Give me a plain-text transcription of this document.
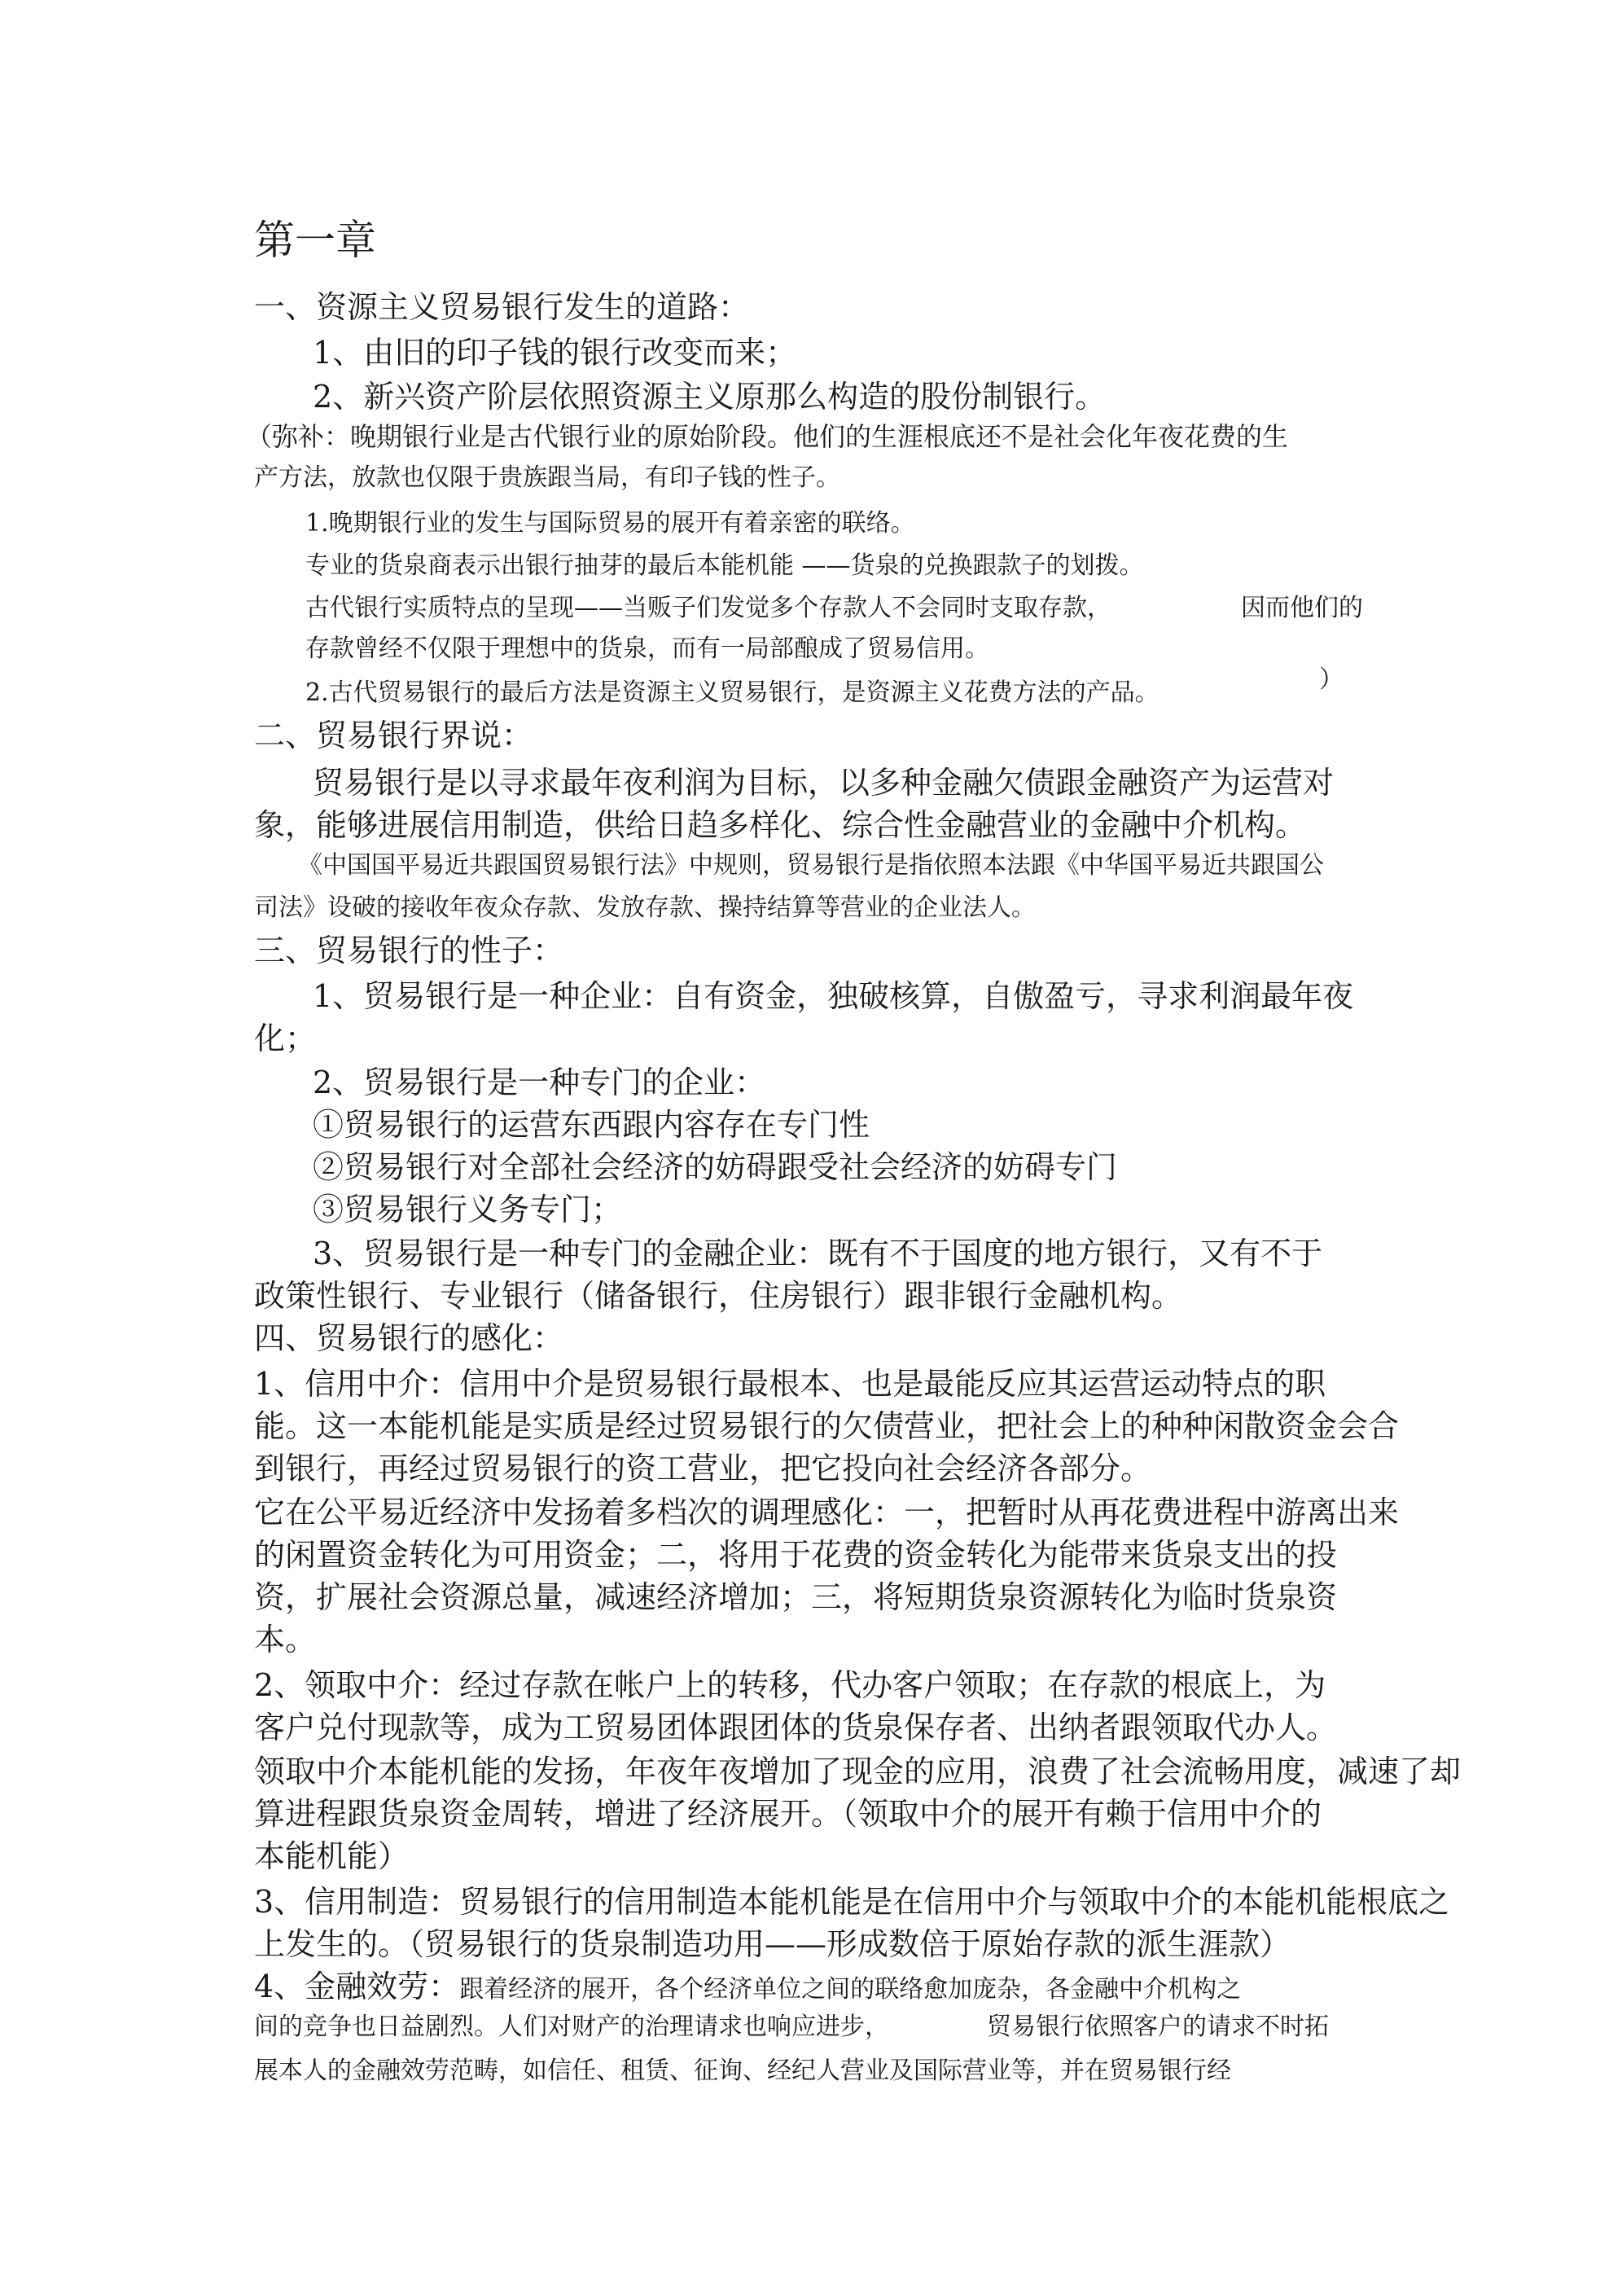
第一章
一、资源主义贸易银行发生的道路：
1、由旧的印子钱的银行改变而来；
2、新兴资产阶层依照资源主义原那么构造的股份制银行。
（弥补：晚期银行业是古代银行业的原始阶段。他们的生涯根底还不是社会化年夜花费的生
产方法，放款也仅限于贵族跟当局，有印子钱的性子。
1.晚期银行业的发生与国际贸易的展开有着亲密的联络。
专业的货泉商表示出银行抽芽的最后本能机能 ——货泉的兑换跟款子的划拨。
古代银行实质特点的呈现——当贩子们发觉多个存款人不会同时支取存款，	因而他们的
存款曾经不仅限于理想中的货泉，而有一局部酿成了贸易信用。
2.古代贸易银行的最后方法是资源主义贸易银行，是资源主义花费方法的产品。	）
二、贸易银行界说：
贸易银行是以寻求最年夜利润为目标，以多种金融欠债跟金融资产为运营对
象，能够进展信用制造，供给日趋多样化、综合性金融营业的金融中介机构。
《中国国平易近共跟国贸易银行法》中规则，贸易银行是指依照本法跟《中华国平易近共跟国公
司法》设破的接收年夜众存款、发放存款、操持结算等营业的企业法人。
三、贸易银行的性子：
1、贸易银行是一种企业：自有资金，独破核算，自傲盈亏，寻求利润最年夜
化；
2、贸易银行是一种专门的企业：
①贸易银行的运营东西跟内容存在专门性
②贸易银行对全部社会经济的妨碍跟受社会经济的妨碍专门
③贸易银行义务专门；
3、贸易银行是一种专门的金融企业：既有不于国度的地方银行，又有不于
政策性银行、专业银行（储备银行，住房银行）跟非银行金融机构。
四、贸易银行的感化：
1、信用中介：信用中介是贸易银行最根本、也是最能反应其运营运动特点的职
能。这一本能机能是实质是经过贸易银行的欠债营业，把社会上的种种闲散资金会合
到银行，再经过贸易银行的资工营业，把它投向社会经济各部分。
它在公平易近经济中发扬着多档次的调理感化：一，把暂时从再花费进程中游离出来
的闲置资金转化为可用资金；二，将用于花费的资金转化为能带来货泉支出的投
资，扩展社会资源总量，减速经济增加；三，将短期货泉资源转化为临时货泉资
本。
2、领取中介：经过存款在帐户上的转移，代办客户领取；在存款的根底上，为
客户兑付现款等，成为工贸易团体跟团体的货泉保存者、出纳者跟领取代办人。
领取中介本能机能的发扬，年夜年夜增加了现金的应用，浪费了社会流畅用度，减速了却
算进程跟货泉资金周转，增进了经济展开。（领取中介的展开有赖于信用中介的
本能机能）
3、信用制造：贸易银行的信用制造本能机能是在信用中介与领取中介的本能机能根底之
上发生的。（贸易银行的货泉制造功用——形成数倍于原始存款的派生涯款）
4、金融效劳：跟着经济的展开，各个经济单位之间的联络愈加庞杂，各金融中介机构之
间的竞争也日益剧烈。人们对财产的治理请求也响应进步，	贸易银行依照客户的请求不时拓
展本人的金融效劳范畴，如信任、租赁、征询、经纪人营业及国际营业等，并在贸易银行经
